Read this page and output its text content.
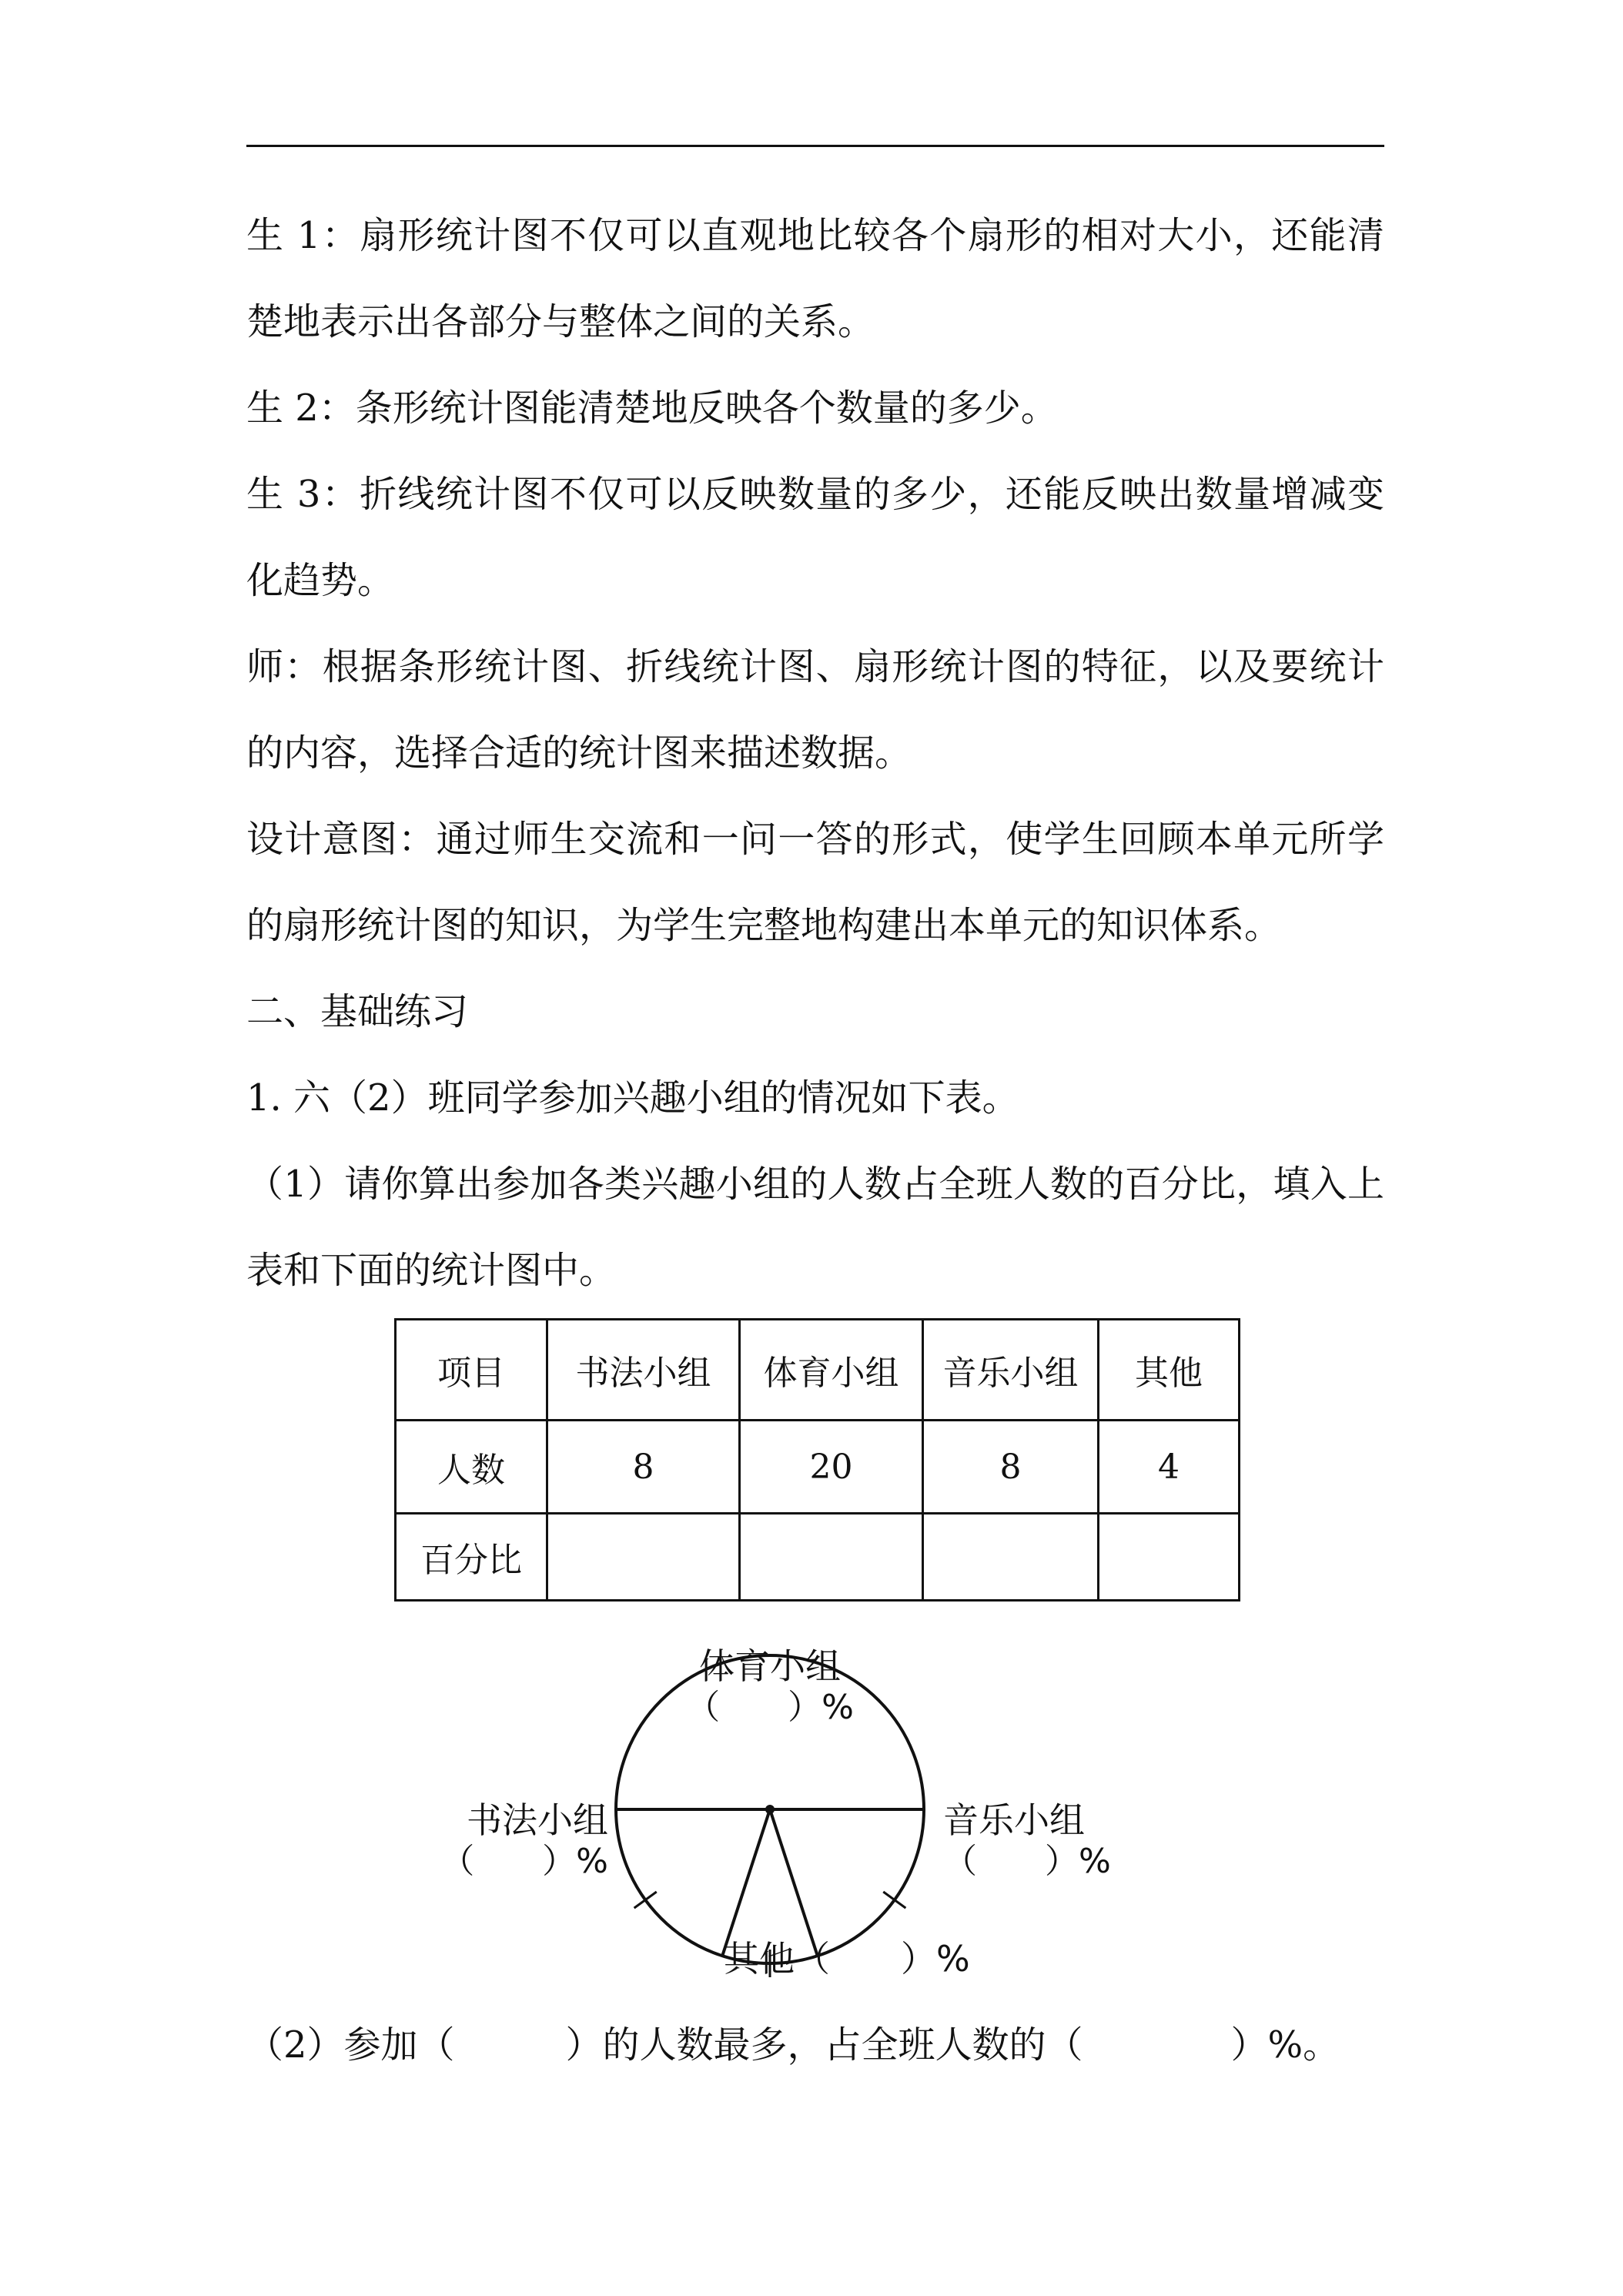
生 1：扇形统计图不仅可以直观地比较各个扇形的相对大小，还能清楚地表示出各部分与整体之间的关系。

生 2：条形统计图能清楚地反映各个数量的多少。

生 3：折线统计图不仅可以反映数量的多少，还能反映出数量增减变化趋势。

师：根据条形统计图、折线统计图、扇形统计图的特征，以及要统计的内容，选择合适的统计图来描述数据。

设计意图：通过师生交流和一问一答的形式，使学生回顾本单元所学的扇形统计图的知识，为学生完整地构建出本单元的知识体系。

二、基础练习

1. 六（2）班同学参加兴趣小组的情况如下表。

（1）请你算出参加各类兴趣小组的人数占全班人数的百分比，填入上表和下面的统计图中。

项目	书法小组	体育小组	音乐小组	其他
人数	8	20	8	4
百分比				
体育小组
（　　）%
音乐小组
（　　）%
其他（　　）%
书法小组
（　　）%

（2）参加（　　　）的人数最多，占全班人数的（　　　　）%。
